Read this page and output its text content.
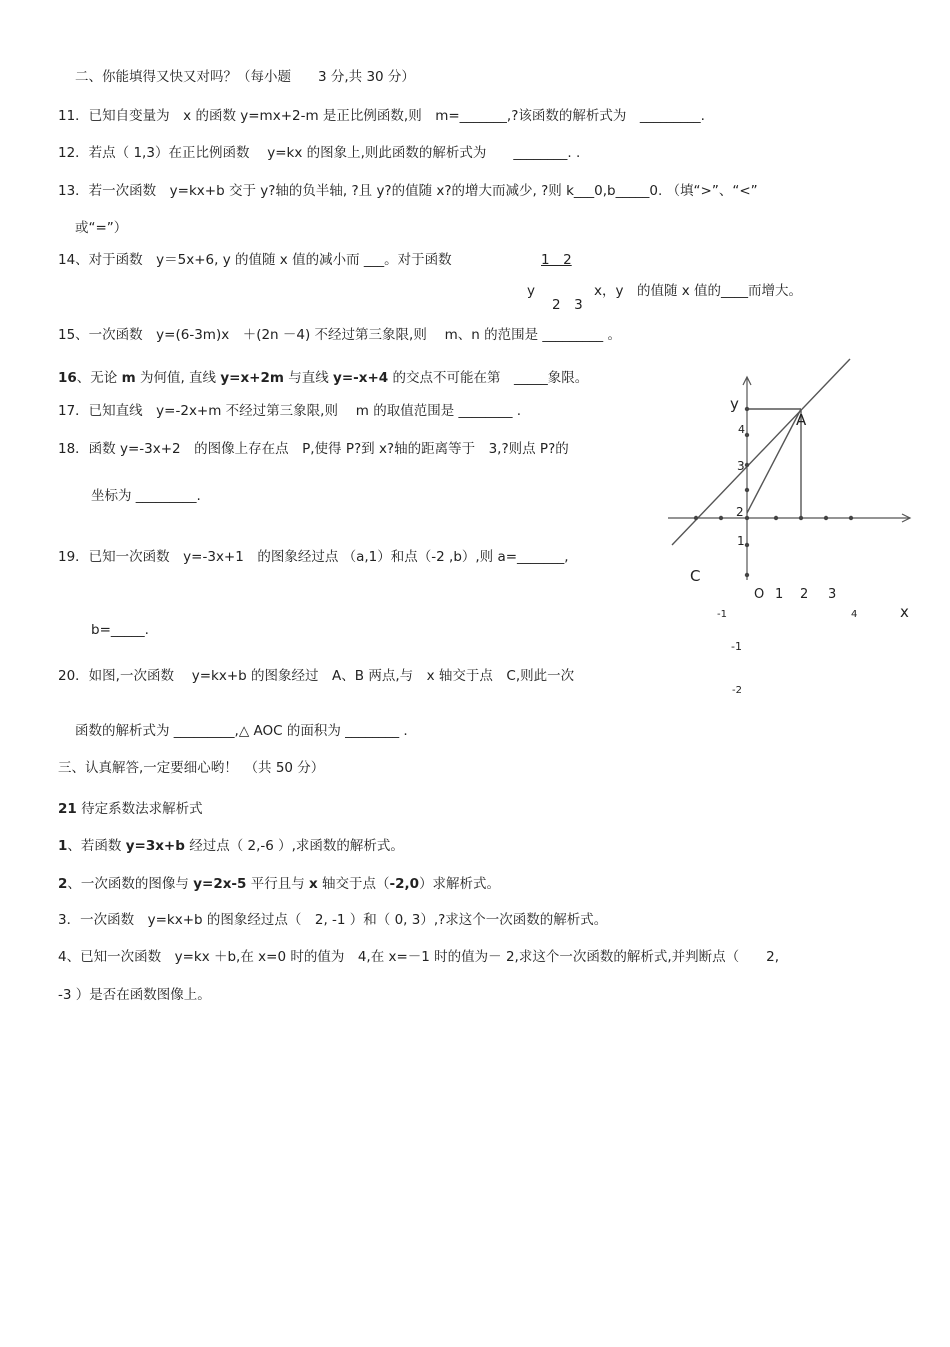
二、你能填得又快又对吗？（每小题　　3 分,共 30 分）
11．已知自变量为　x 的函数 y=mx+2-m 是正比例函数,则　m=_______,?该函数的解析式为　_________.
12．若点（ 1,3）在正比例函数　 y=kx 的图象上,则此函数的解析式为　　________. .
13．若一次函数　y=kx+b 交于 y?轴的负半轴, ?且 y?的值随 x?的增大而减少, ?则 k___0,b_____0. （填“>”、“<”
或“=”）
14、对于函数　y＝5x+6, y 的值随 x 值的减小而 ___。对于函数	1　2
y
2　3
x，y　的值随 x 值的____而增大。
15、一次函数　y=(6-3m)x　＋(2n －4) 不经过第三象限,则　 m、n 的范围是 _________ 。
16、无论 m 为何值, 直线 y=x+2m 与直线 y=-x+4 的交点不可能在第　_____象限。
17．已知直线　y=-2x+m 不经过第三象限,则　 m 的取值范围是 ________ .
18．函数 y=-3x+2　的图像上存在点　P,使得 P?到 x?轴的距离等于　3,?则点 P?的
坐标为 _________.
19．已知一次函数　y=-3x+1　的图象经过点 （a,1）和点（-2 ,b）,则 a=_______,
b=_____.
20．如图,一次函数　 y=kx+b 的图象经过　A、B 两点,与　x 轴交于点　C,则此一次
函数的解析式为 _________,△ AOC 的面积为 ________ .
三、认真解答,一定要细心哟！　（共 50 分）
21 待定系数法求解析式
1、若函数 y=3x+b 经过点（ 2,-6 ）,求函数的解析式。
2、一次函数的图像与 y=2x-5 平行且与 x 轴交于点（-2,0）求解析式。
3．一次函数　y=kx+b 的图象经过点（　2, -1 ）和（ 0, 3）,?求这个一次函数的解析式。
4、已知一次函数　y=kx ＋b,在 x=0 时的值为　4,在 x=－1 时的值为－ 2,求这个一次函数的解析式,并判断点（　　2,
-3 ）是否在函数图像上。
y
x
A
C
O
4
3
2
1
1 2 3
4
-1
-1
-2
